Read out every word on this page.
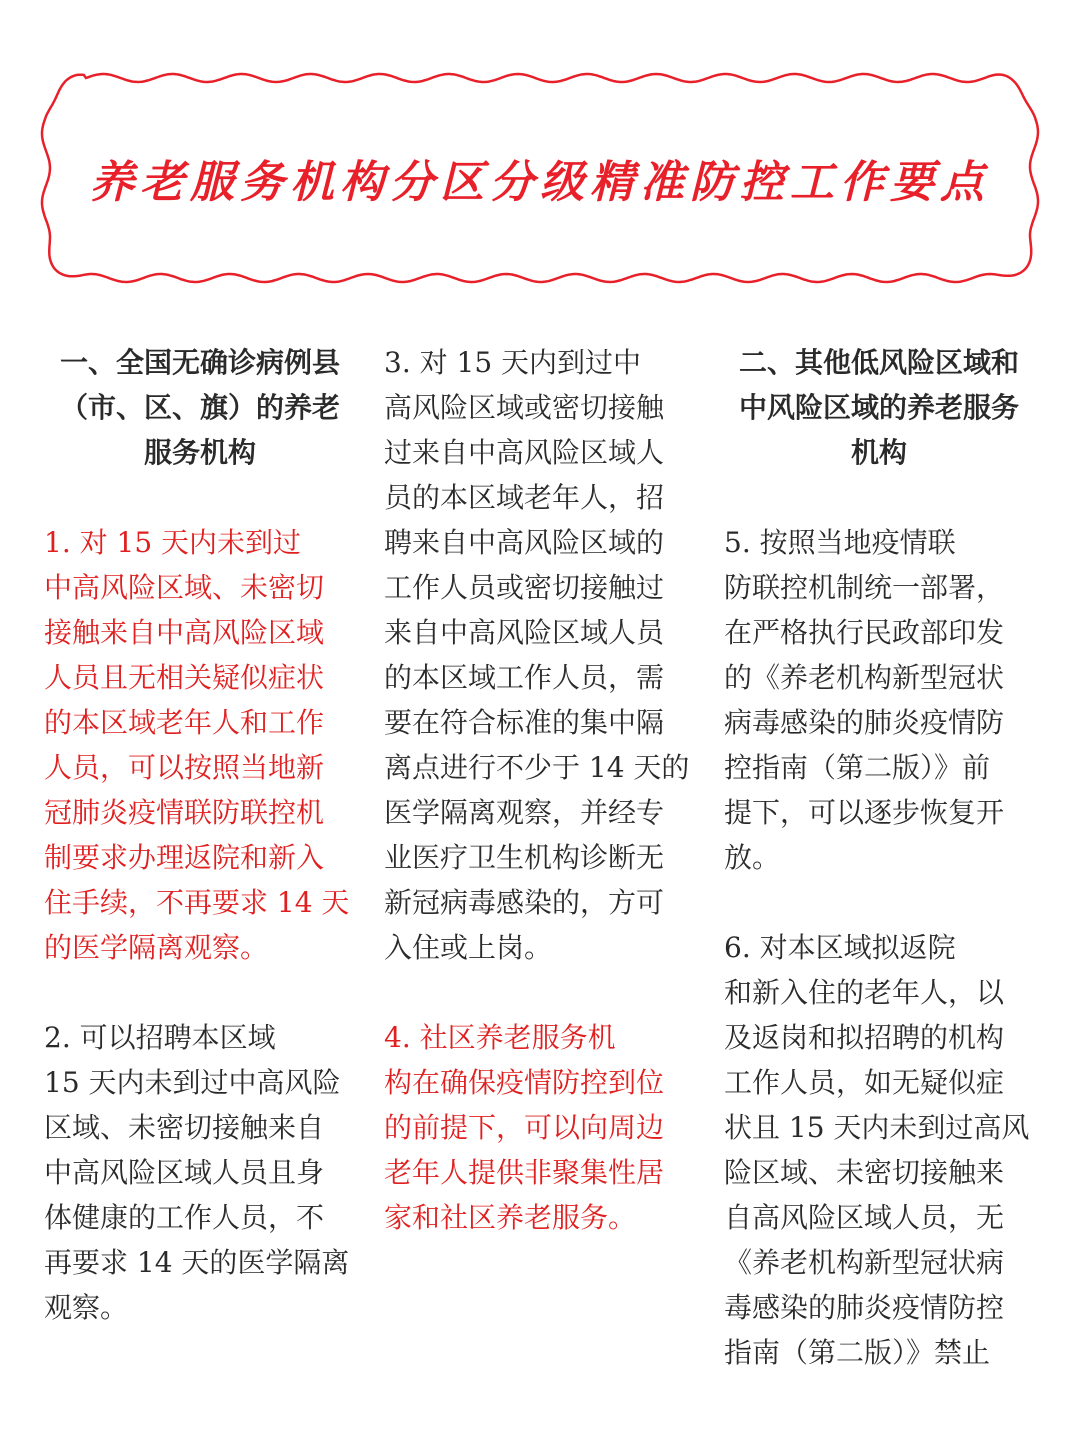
养老服务机构分区分级精准防控工作要点
一、全国无确诊病例县
（市、区、旗）的养老
服务机构
1. 对 15 天内未到过
中高风险区域、未密切
接触来自中高风险区域
人员且无相关疑似症状
的本区域老年人和工作
人员，可以按照当地新
冠肺炎疫情联防联控机
制要求办理返院和新入
住手续，不再要求 14 天
的医学隔离观察。
2. 可以招聘本区域
15 天内未到过中高风险
区域、未密切接触来自
中高风险区域人员且身
体健康的工作人员，不
再要求 14 天的医学隔离
观察。
3. 对 15 天内到过中
高风险区域或密切接触
过来自中高风险区域人
员的本区域老年人，招
聘来自中高风险区域的
工作人员或密切接触过
来自中高风险区域人员
的本区域工作人员，需
要在符合标准的集中隔
离点进行不少于 14 天的
医学隔离观察，并经专
业医疗卫生机构诊断无
新冠病毒感染的，方可
入住或上岗。
4. 社区养老服务机
构在确保疫情防控到位
的前提下，可以向周边
老年人提供非聚集性居
家和社区养老服务。
二、其他低风险区域和
中风险区域的养老服务
机构
5. 按照当地疫情联
防联控机制统一部署，
在严格执行民政部印发
的《养老机构新型冠状
病毒感染的肺炎疫情防
控指南（第二版）》前
提下，可以逐步恢复开
放。
6. 对本区域拟返院
和新入住的老年人，以
及返岗和拟招聘的机构
工作人员，如无疑似症
状且 15 天内未到过高风
险区域、未密切接触来
自高风险区域人员，无
《养老机构新型冠状病
毒感染的肺炎疫情防控
指南（第二版）》禁止
